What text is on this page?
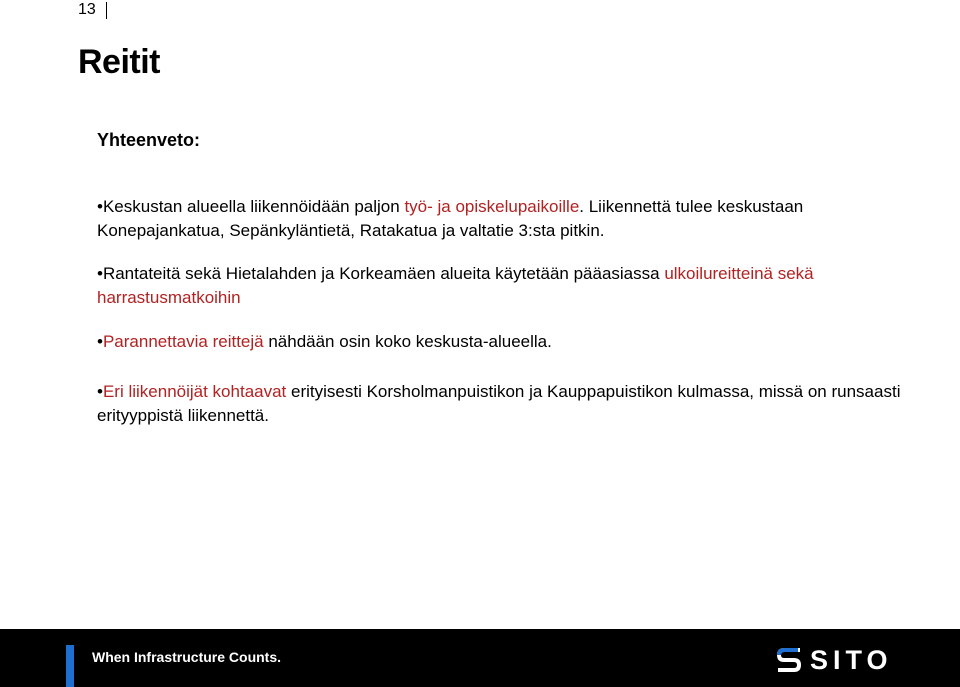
13
Reitit
Yhteenveto:
•Keskustan alueella liikennöidään paljon työ- ja opiskelupaikoille. Liikennettä tulee keskustaan Konepajankatua, Sepänkyläntietä, Ratakatua ja valtatie 3:sta pitkin.
•Rantateitä sekä Hietalahden ja Korkeamäen alueita käytetään pääasiassa ulkoilureitteinä sekä harrastusmatkoihin
•Parannettavia reittejä nähdään osin koko keskusta-alueella.
•Eri liikennöijät kohtaavat erityisesti Korsholmanpuistikon ja Kauppapuistikon kulmassa, missä on runsaasti erityyppistä liikennettä.
When Infrastructure Counts.	SITO
